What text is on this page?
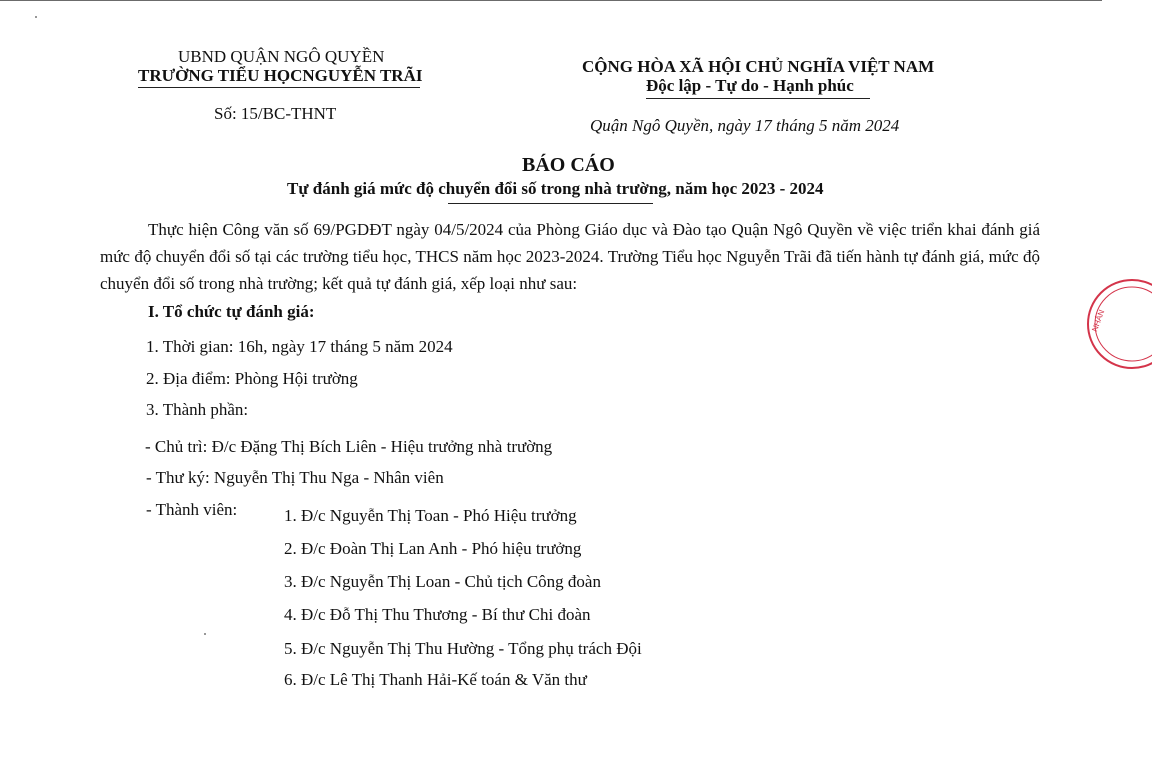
UBND QUẬN NGÔ QUYỀN
TRƯỜNG TIỂU HỌCNGUYỄN TRÃI
Số: 15/BC-THNT
CỘNG HÒA XÃ HỘI CHỦ NGHĨA VIỆT NAM
Độc lập - Tự do - Hạnh phúc
Quận Ngô Quyền, ngày 17 tháng 5 năm 2024
BÁO CÁO
Tự đánh giá mức độ chuyển đổi số trong nhà trường, năm học 2023 - 2024
Thực hiện Công văn số 69/PGDĐT ngày 04/5/2024 của Phòng Giáo dục và Đào tạo Quận Ngô Quyền về việc triển khai đánh giá mức độ chuyển đổi số tại các trường tiểu học, THCS năm học 2023-2024. Trường Tiểu học Nguyễn Trãi đã tiến hành tự đánh giá, mức độ chuyển đổi số trong nhà trường; kết quả tự đánh giá, xếp loại như sau:
I. Tổ chức tự đánh giá:
1. Thời gian: 16h, ngày 17 tháng 5 năm 2024
2. Địa điểm: Phòng Hội trường
3. Thành phần:
- Chủ trì: Đ/c Đặng Thị Bích Liên - Hiệu trưởng nhà trường
- Thư ký: Nguyễn Thị Thu Nga - Nhân viên
- Thành viên:	1. Đ/c Nguyễn Thị Toan - Phó Hiệu trưởng
2. Đ/c Đoàn Thị Lan Anh - Phó hiệu trưởng
3. Đ/c Nguyễn Thị Loan - Chủ tịch Công đoàn
4. Đ/c Đỗ Thị Thu Thương - Bí thư Chi đoàn
5. Đ/c Nguyễn Thị Thu Hường - Tổng phụ trách Đội
6. Đ/c Lê Thị Thanh Hải-Kế toán & Văn thư
NHÂN
